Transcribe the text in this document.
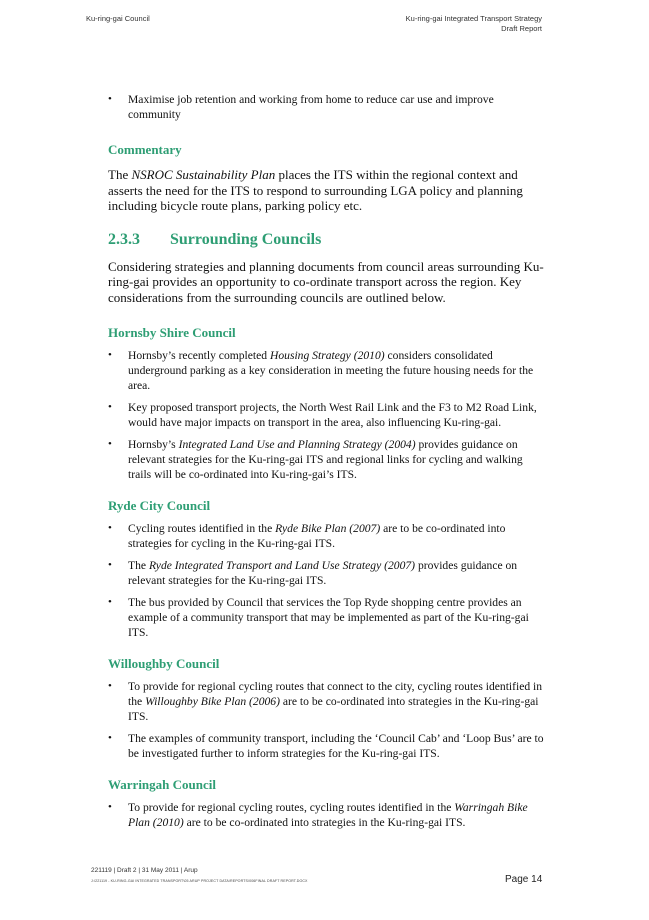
Ku-ring-gai Council	Ku-ring-gai Integrated Transport Strategy
Draft Report
• Maximise job retention and working from home to reduce car use and improve community
Commentary

The NSROC Sustainability Plan places the ITS within the regional context and asserts the need for the ITS to respond to surrounding LGA policy and planning including bicycle route plans, parking policy etc.

2.3.3	Surrounding Councils

Considering strategies and planning documents from council areas surrounding Ku-ring-gai provides an opportunity to co-ordinate transport across the region. Key considerations from the surrounding councils are outlined below.

Hornsby Shire Council
• Hornsby’s recently completed Housing Strategy (2010) considers consolidated underground parking as a key consideration in meeting the future housing needs for the area.
• Key proposed transport projects, the North West Rail Link and the F3 to M2 Road Link, would have major impacts on transport in the area, also influencing Ku-ring-gai.
• Hornsby’s Integrated Land Use and Planning Strategy (2004) provides guidance on relevant strategies for the Ku-ring-gai ITS and regional links for cycling and walking trails will be co-ordinated into Ku-ring-gai’s ITS.
Ryde City Council
• Cycling routes identified in the Ryde Bike Plan (2007) are to be co-ordinated into strategies for cycling in the Ku-ring-gai ITS.
• The Ryde Integrated Transport and Land Use Strategy (2007) provides guidance on relevant strategies for the Ku-ring-gai ITS.
• The bus provided by Council that services the Top Ryde shopping centre provides an example of a community transport that may be implemented as part of the Ku-ring-gai ITS.
Willoughby Council
• To provide for regional cycling routes that connect to the city, cycling routes identified in the Willoughby Bike Plan (2006) are to be co-ordinated into strategies in the Ku-ring-gai ITS.
• The examples of community transport, including the ‘Council Cab’ and ‘Loop Bus’ are to be investigated further to inform strategies for the Ku-ring-gai ITS.
Warringah Council
• To provide for regional cycling routes, cycling routes identified in the Warringah Bike Plan (2010) are to be co-ordinated into strategies in the Ku-ring-gai ITS.
221119 | Draft 2 | 31 May 2011 | Arup
J:\221119 - KU-RING-GAI INTEGRATED TRANSPORT\05 ARUP PROJECT DATA\REPORTS\006FINAL DRAFT REPORT.DOCX	Page 14
